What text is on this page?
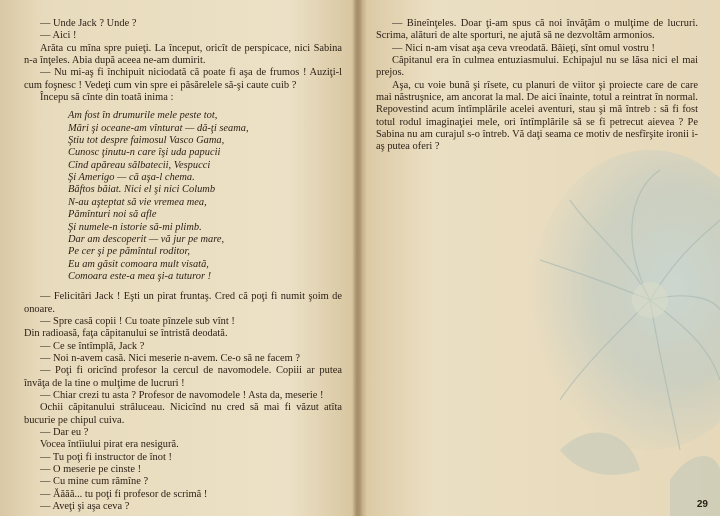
— Unde Jack ? Unde ?

— Aici !

Arăta cu mîna spre puieţi. La început, oricît de perspicace, nici Sabina n-a înţeles. Abia după aceea ne-am dumirit.

— Nu mi-aş fi închipuit niciodată că poate fi aşa de frumos ! Auziţi-l cum foşnesc ! Vedeţi cum vin spre ei păsărelele să-şi caute cuib ?

Începu să cînte din toată inima :

Am fost în drumurile mele peste tot,
Mări şi oceane-am vînturat — dă-ţi seama,
Ştiu tot despre faimosul Vasco Gama,
Cunosc ţinutu-n care îşi uda papucii
Cînd apăreau sălbatecii, Vespucci
Şi Amerigo — că aşa-l chema.
Băftos băiat. Nici el şi nici Columb
N-au aşteptat să vie vremea mea,
Pămînturi noi să afle
Şi numele-n istorie să-mi plimb.
Dar am descoperit — vă jur pe mare,
Pe cer şi pe pămîntul roditor,
Eu am găsit comoara mult visată,
Comoara este-a mea şi-a tuturor !

— Felicitări Jack ! Eşti un pirat fruntaş. Cred că poţi fi numit şoim de onoare.

— Spre casă copii ! Cu toate pînzele sub vînt !

Din radioasă, faţa căpitanului se întristă deodată.

— Ce se întîmplă, Jack ?

— Noi n-avem casă. Nici meserie n-avem. Ce-o să ne facem ?

— Poţi fi oricînd profesor la cercul de navomodele. Copiii ar putea învăţa de la tine o mulţime de lucruri !

— Chiar crezi tu asta ? Profesor de navomodele ! Asta da, meserie !

Ochii căpitanului străluceau. Nicicînd nu cred să mai fi văzut atîta bucurie pe chipul cuiva.

— Dar eu ?

Vocea întîiului pirat era nesigură.

— Tu poţi fi instructor de înot !

— O meserie pe cinste !

— Cu mine cum rămîne ?

— Ăăăă... tu poţi fi profesor de scrimă !

— Aveţi şi aşa ceva ?

— Bineînţeles. Doar ţi-am spus că noi învăţăm o mulţime de lucruri. Scrima, alături de alte sporturi, ne ajută să ne dezvoltăm armonios.

— Nici n-am visat aşa ceva vreodată. Băieţi, sînt omul vostru !

Căpitanul era în culmea entuziasmului. Echipajul nu se lăsa nici el mai prejos.

Aşa, cu voie bună şi rîsete, cu planuri de viitor şi proiecte care de care mai năstruşnice, am ancorat la mal. De aici înainte, totul a reintrat în normal. Repovestind acum întîmplările acelei aventuri, stau şi mă întreb : să fi fost totul rodul imaginaţiei mele, ori întîmplările să se fi petrecut aievea ? Pe Sabina nu am curajul s-o întreb. Vă daţi seama ce motiv de nesfîrşite ironii i-aş putea oferi ?

29
